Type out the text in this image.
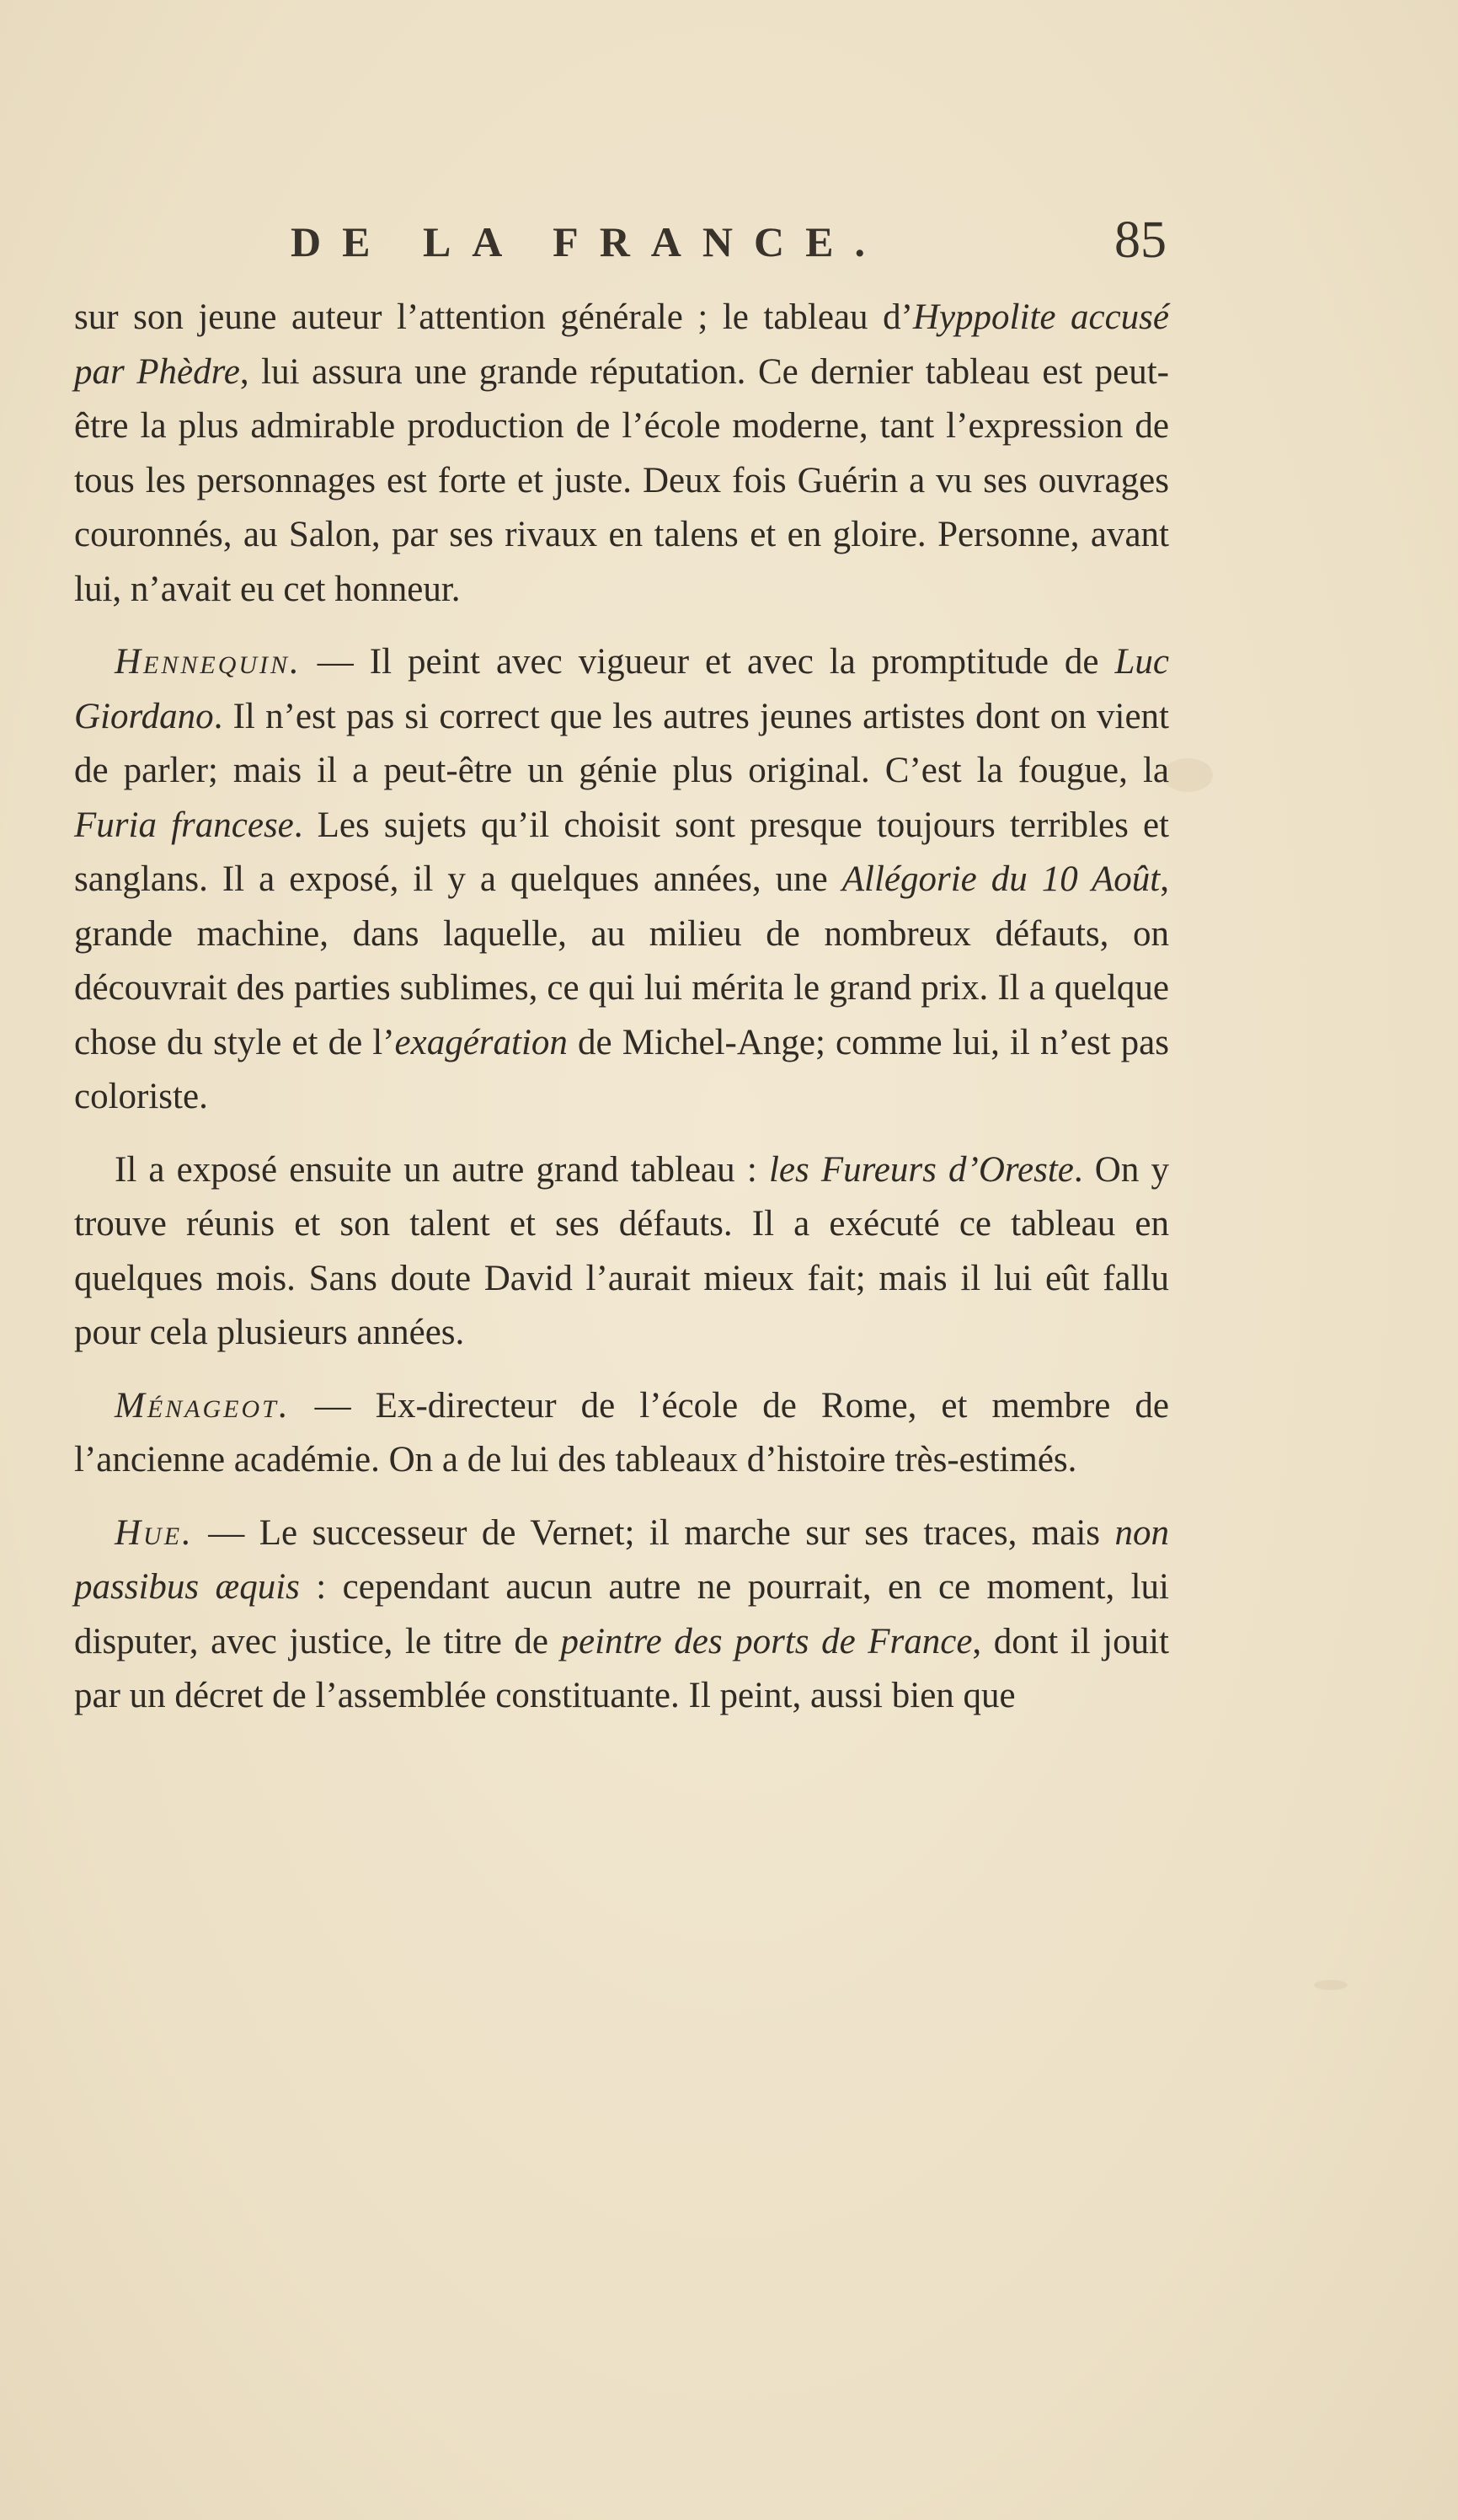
DE LA FRANCE.	85

sur son jeune auteur l’attention générale ; le tableau d’Hyppolite accusé par Phèdre, lui assura une grande réputation. Ce dernier tableau est peut-être la plus admirable production de l’école moderne, tant l’expression de tous les personnages est forte et juste. Deux fois Guérin a vu ses ouvrages couronnés, au Salon, par ses rivaux en talens et en gloire. Personne, avant lui, n’avait eu cet honneur.

Hennequin. — Il peint avec vigueur et avec la promptitude de Luc Giordano. Il n’est pas si correct que les autres jeunes artistes dont on vient de parler; mais il a peut-être un génie plus original. C’est la fougue, la Furia francese. Les sujets qu’il choisit sont presque toujours terribles et sanglans. Il a exposé, il y a quelques années, une Allégorie du 10 Août, grande machine, dans laquelle, au milieu de nombreux défauts, on découvrait des parties sublimes, ce qui lui mérita le grand prix. Il a quelque chose du style et de l’exagération de Michel-Ange; comme lui, il n’est pas coloriste.

Il a exposé ensuite un autre grand tableau : les Fureurs d’Oreste. On y trouve réunis et son talent et ses défauts. Il a exécuté ce tableau en quelques mois. Sans doute David l’aurait mieux fait; mais il lui eût fallu pour cela plusieurs années.

Ménageot. — Ex-directeur de l’école de Rome, et membre de l’ancienne académie. On a de lui des tableaux d’histoire très-estimés.

Hue. — Le successeur de Vernet; il marche sur ses traces, mais non passibus æquis : cependant aucun autre ne pourrait, en ce moment, lui disputer, avec justice, le titre de peintre des ports de France, dont il jouit par un décret de l’assemblée constituante. Il peint, aussi bien que
